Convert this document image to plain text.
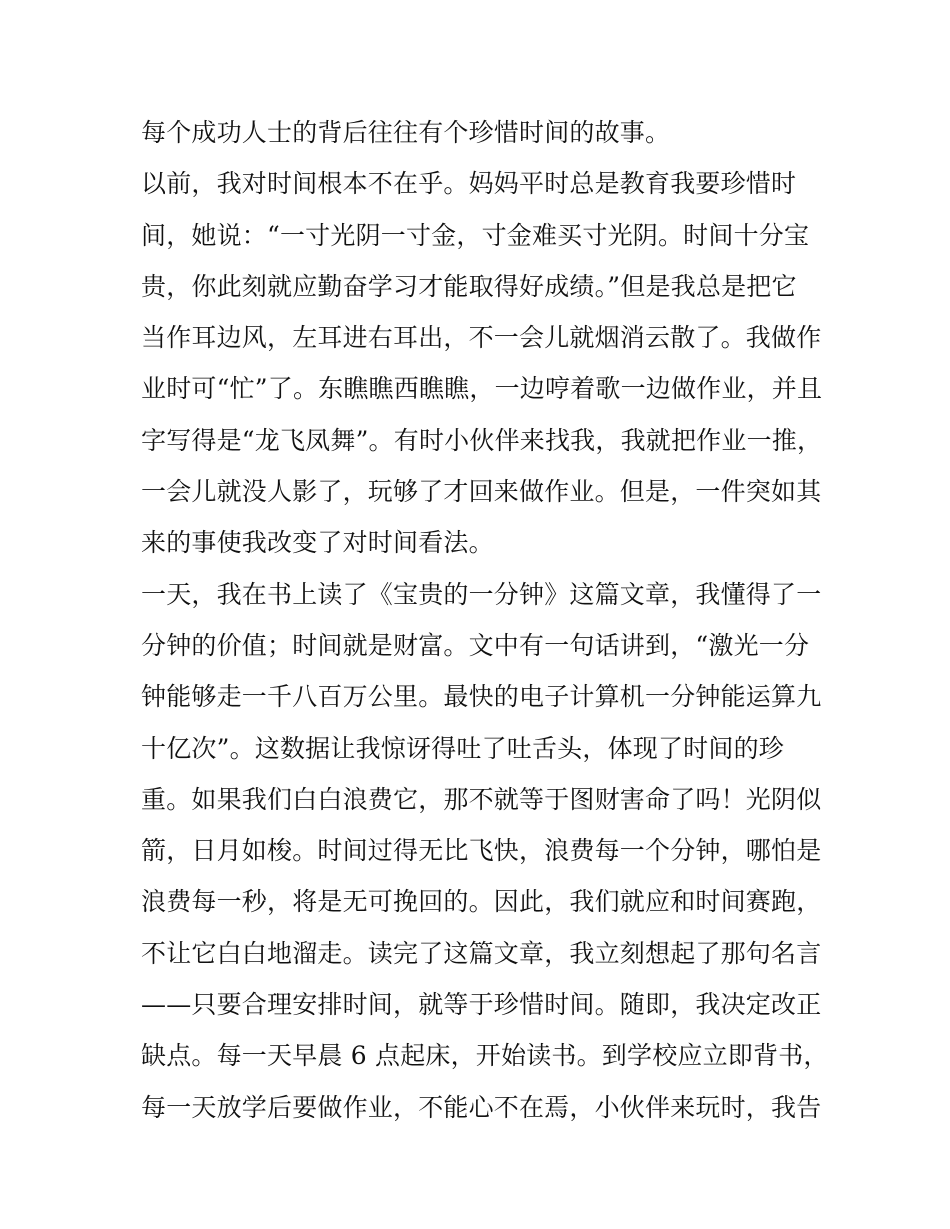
每个成功人士的背后往往有个珍惜时间的故事。
以前，我对时间根本不在乎。妈妈平时总是教育我要珍惜时
间，她说：“一寸光阴一寸金，寸金难买寸光阴。时间十分宝
贵，你此刻就应勤奋学习才能取得好成绩。”但是我总是把它
当作耳边风，左耳进右耳出，不一会儿就烟消云散了。我做作
业时可“忙”了。东瞧瞧西瞧瞧，一边哼着歌一边做作业，并且
字写得是“龙飞凤舞”。有时小伙伴来找我，我就把作业一推，
一会儿就没人影了，玩够了才回来做作业。但是，一件突如其
来的事使我改变了对时间看法。
一天，我在书上读了《宝贵的一分钟》这篇文章，我懂得了一
分钟的价值；时间就是财富。文中有一句话讲到，“激光一分
钟能够走一千八百万公里。最快的电子计算机一分钟能运算九
十亿次”。这数据让我惊讶得吐了吐舌头，体现了时间的珍
重。如果我们白白浪费它，那不就等于图财害命了吗！光阴似
箭，日月如梭。时间过得无比飞快，浪费每一个分钟，哪怕是
浪费每一秒，将是无可挽回的。因此，我们就应和时间赛跑，
不让它白白地溜走。读完了这篇文章，我立刻想起了那句名言
——只要合理安排时间，就等于珍惜时间。随即，我决定改正
缺点。每一天早晨 6 点起床，开始读书。到学校应立即背书，
每一天放学后要做作业，不能心不在焉，小伙伴来玩时，我告
